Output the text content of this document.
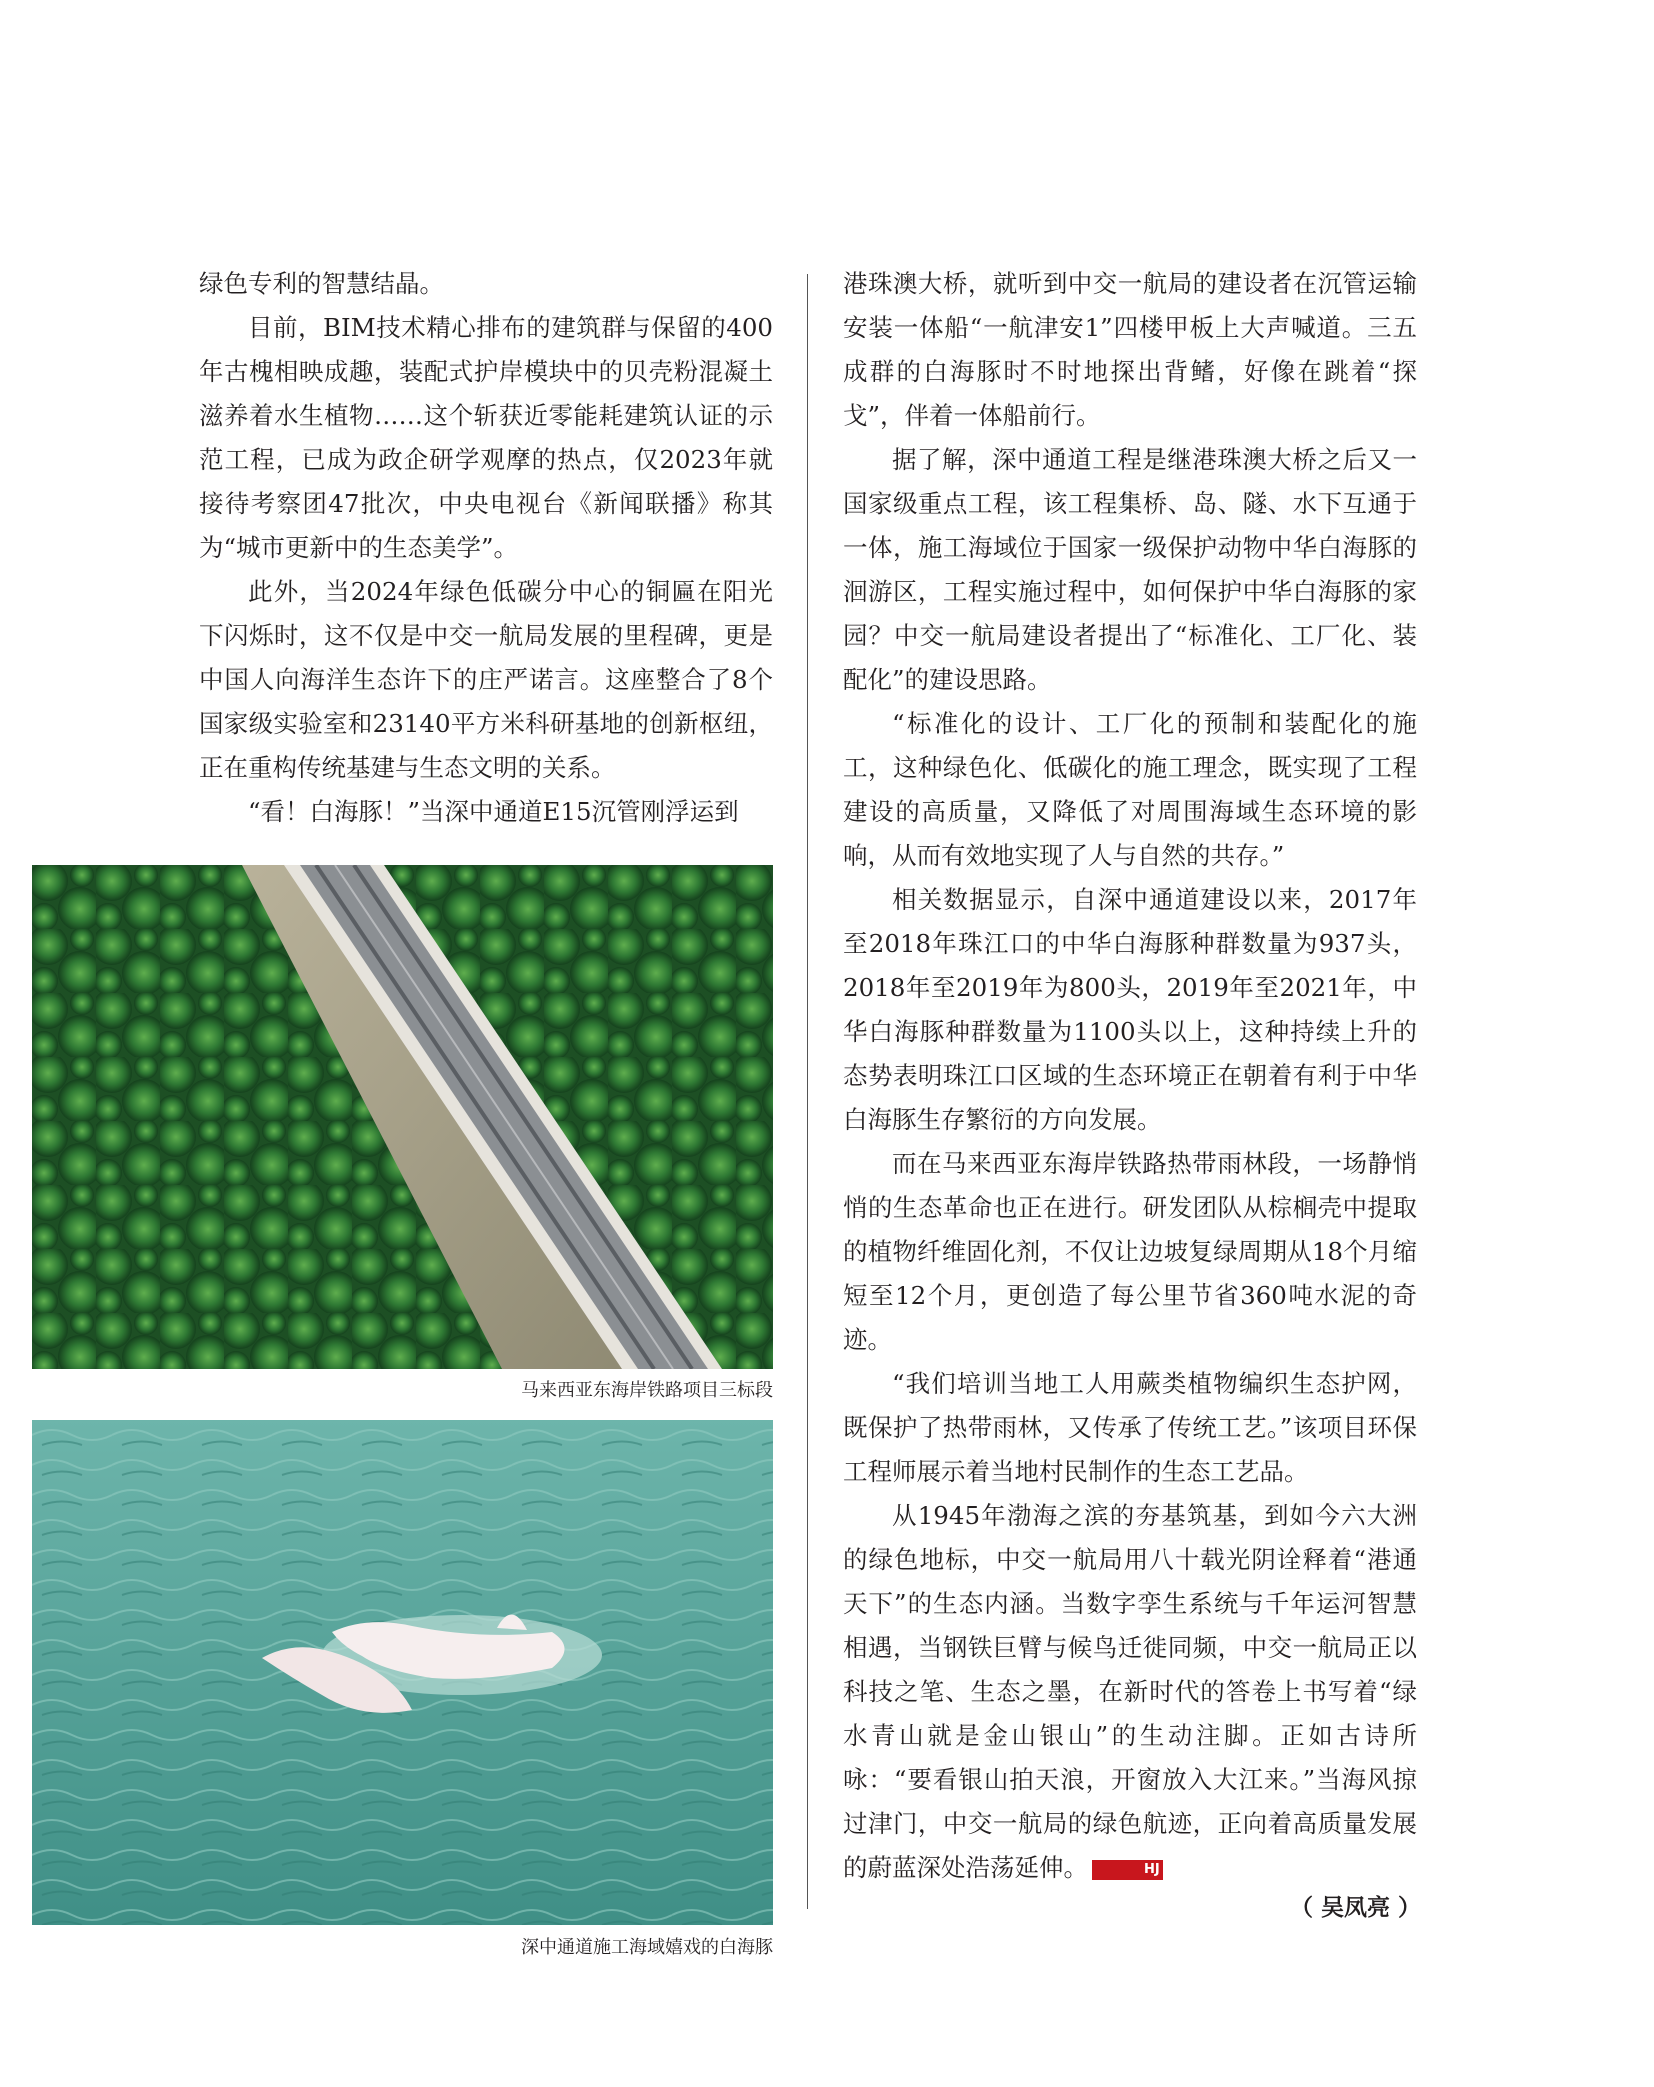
绿色专利的智慧结晶。

目前，BIM技术精心排布的建筑群与保留的400年古槐相映成趣，装配式护岸模块中的贝壳粉混凝土滋养着水生植物……这个斩获近零能耗建筑认证的示范工程，已成为政企研学观摩的热点，仅2023年就接待考察团47批次，中央电视台《新闻联播》称其为“城市更新中的生态美学”。

此外，当2024年绿色低碳分中心的铜匾在阳光下闪烁时，这不仅是中交一航局发展的里程碑，更是中国人向海洋生态许下的庄严诺言。这座整合了8个国家级实验室和23140平方米科研基地的创新枢纽，正在重构传统基建与生态文明的关系。

“看！白海豚！”当深中通道E15沉管刚浮运到

港珠澳大桥，就听到中交一航局的建设者在沉管运输安装一体船“一航津安1”四楼甲板上大声喊道。三五成群的白海豚时不时地探出背鳍，好像在跳着“探戈”，伴着一体船前行。

据了解，深中通道工程是继港珠澳大桥之后又一国家级重点工程，该工程集桥、岛、隧、水下互通于一体，施工海域位于国家一级保护动物中华白海豚的洄游区，工程实施过程中，如何保护中华白海豚的家园？中交一航局建设者提出了“标准化、工厂化、装配化”的建设思路。

“标准化的设计、工厂化的预制和装配化的施工，这种绿色化、低碳化的施工理念，既实现了工程建设的高质量，又降低了对周围海域生态环境的影响，从而有效地实现了人与自然的共存。”

相关数据显示，自深中通道建设以来，2017年至2018年珠江口的中华白海豚种群数量为937头，2018年至2019年为800头，2019年至2021年，中华白海豚种群数量为1100头以上，这种持续上升的态势表明珠江口区域的生态环境正在朝着有利于中华白海豚生存繁衍的方向发展。

而在马来西亚东海岸铁路热带雨林段，一场静悄悄的生态革命也正在进行。研发团队从棕榈壳中提取的植物纤维固化剂，不仅让边坡复绿周期从18个月缩短至12个月，更创造了每公里节省360吨水泥的奇迹。

“我们培训当地工人用蕨类植物编织生态护网，既保护了热带雨林，又传承了传统工艺。”该项目环保工程师展示着当地村民制作的生态工艺品。

从1945年渤海之滨的夯基筑基，到如今六大洲的绿色地标，中交一航局用八十载光阴诠释着“港通天下”的生态内涵。当数字孪生系统与千年运河智慧相遇，当钢铁巨臂与候鸟迁徙同频，中交一航局正以科技之笔、生态之墨，在新时代的答卷上书写着“绿水青山就是金山银山”的生动注脚。正如古诗所咏：“要看银山拍天浪，开窗放入大江来。”当海风掠过津门，中交一航局的绿色航迹，正向着高质量发展的蔚蓝深处浩荡延伸。	HJ

马来西亚东海岸铁路项目三标段
深中通道施工海域嬉戏的白海豚
（ 吴凤亮 ）
